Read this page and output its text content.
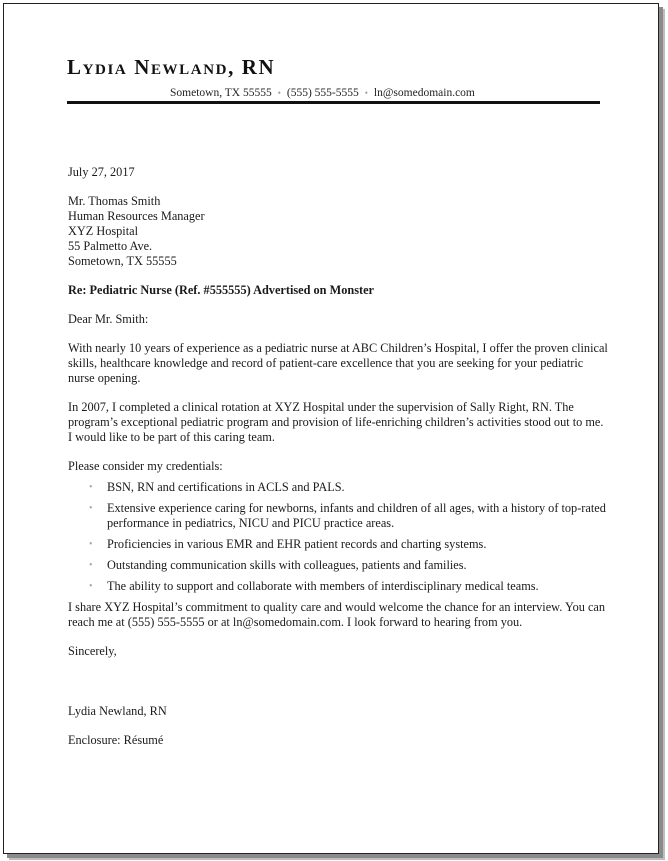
Lydia Newland, RN
Sometown, TX 55555 • (555) 555-5555 • ln@somedomain.com
July 27, 2017
Mr. Thomas Smith
Human Resources Manager
XYZ Hospital
55 Palmetto Ave.
Sometown, TX 55555
Re: Pediatric Nurse (Ref. #555555) Advertised on Monster
Dear Mr. Smith:

With nearly 10 years of experience as a pediatric nurse at ABC Children’s Hospital, I offer the proven clinical skills, healthcare knowledge and record of patient-care excellence that you are seeking for your pediatric nurse opening.

In 2007, I completed a clinical rotation at XYZ Hospital under the supervision of Sally Right, RN. The program’s exceptional pediatric program and provision of life-enriching children’s activities stood out to me. I would like to be part of this caring team.

Please consider my credentials:
• BSN, RN and certifications in ACLS and PALS.
• Extensive experience caring for newborns, infants and children of all ages, with a history of top-rated performance in pediatrics, NICU and PICU practice areas.
• Proficiencies in various EMR and EHR patient records and charting systems.
• Outstanding communication skills with colleagues, patients and families.
• The ability to support and collaborate with members of interdisciplinary medical teams.

I share XYZ Hospital’s commitment to quality care and would welcome the chance for an interview. You can reach me at (555) 555-5555 or at ln@somedomain.com. I look forward to hearing from you.

Sincerely,
Lydia Newland, RN
Enclosure: Résumé
